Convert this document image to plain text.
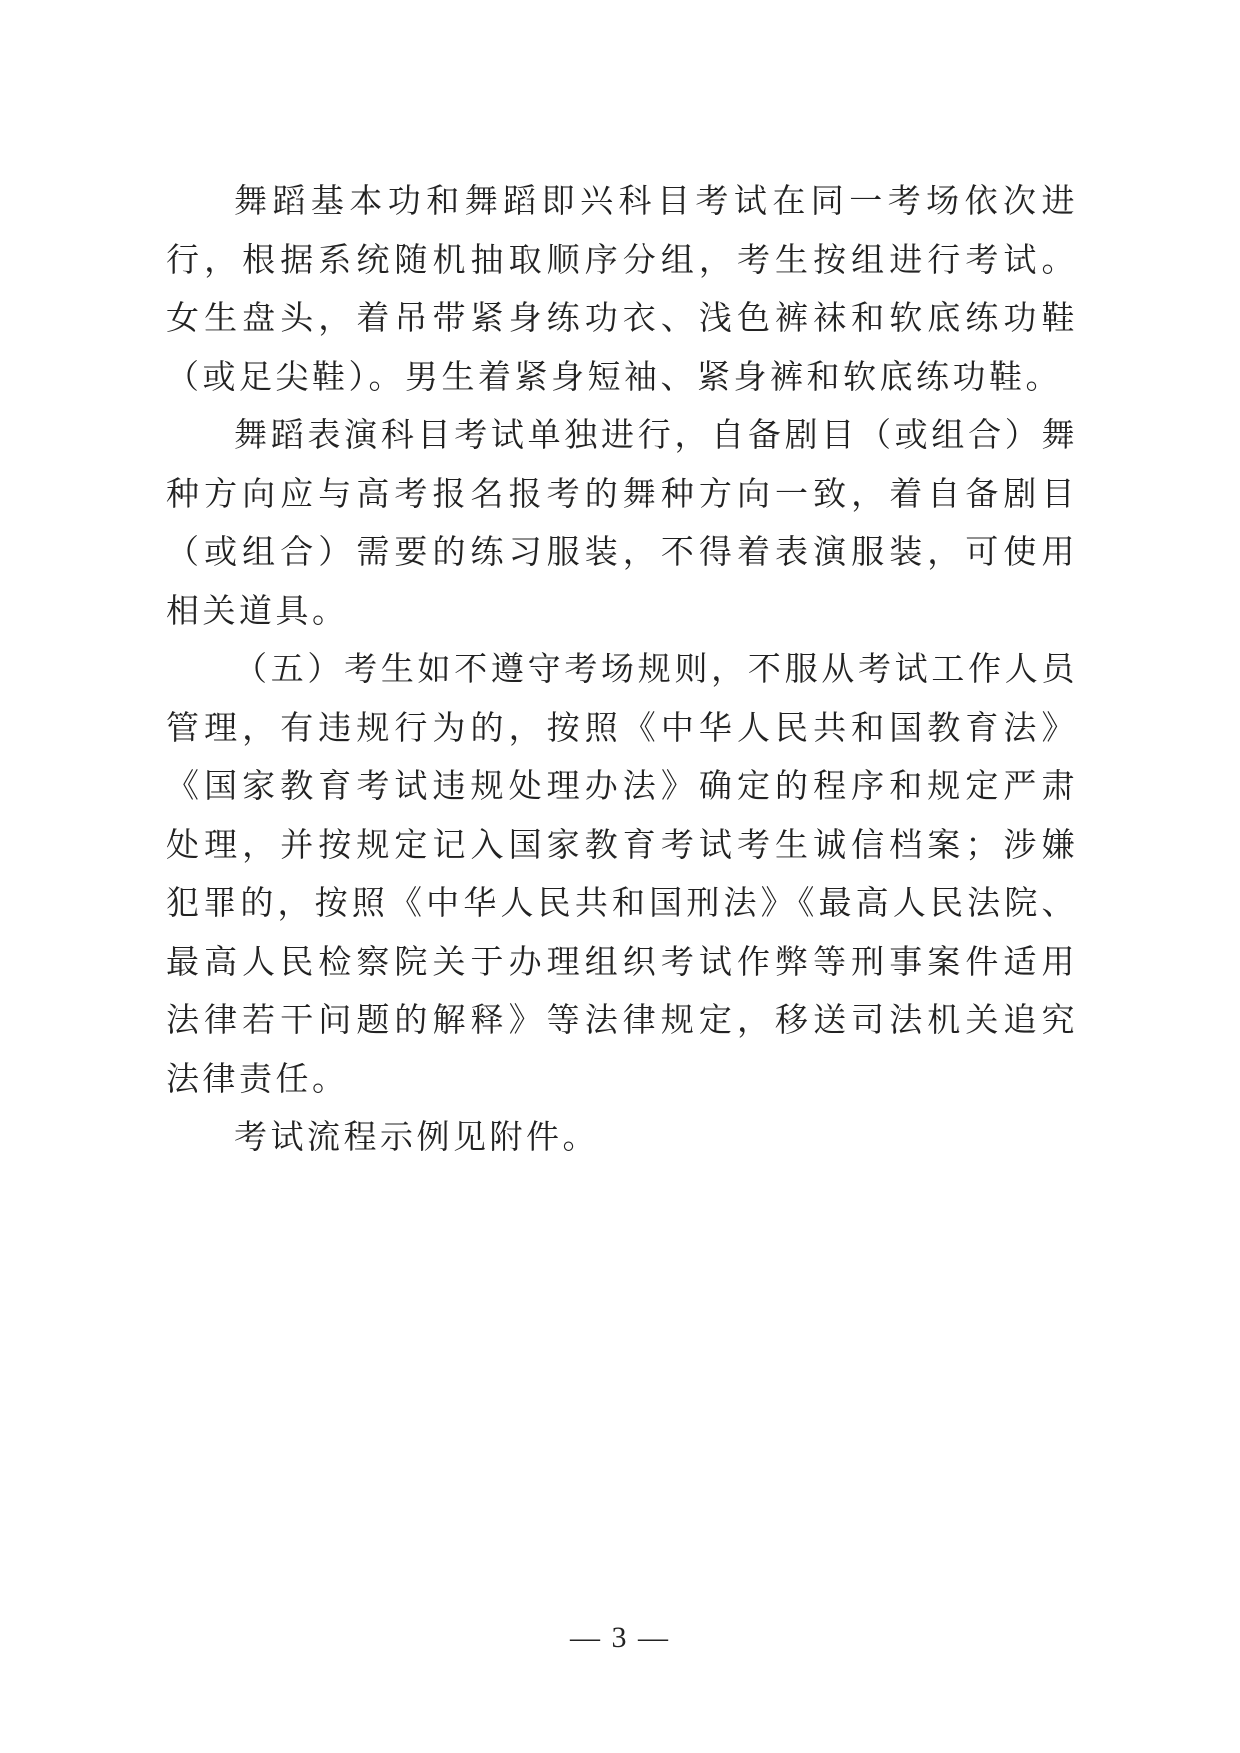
舞蹈基本功和舞蹈即兴科目考试在同一考场依次进行，根据系统随机抽取顺序分组，考生按组进行考试。女生盘头，着吊带紧身练功衣、浅色裤袜和软底练功鞋（或足尖鞋）。男生着紧身短袖、紧身裤和软底练功鞋。

舞蹈表演科目考试单独进行，自备剧目（或组合）舞种方向应与高考报名报考的舞种方向一致，着自备剧目（或组合）需要的练习服装，不得着表演服装，可使用相关道具。

（五）考生如不遵守考场规则，不服从考试工作人员管理，有违规行为的，按照《中华人民共和国教育法》《国家教育考试违规处理办法》确定的程序和规定严肃处理，并按规定记入国家教育考试考生诚信档案；涉嫌犯罪的，按照《中华人民共和国刑法》《最高人民法院、最高人民检察院关于办理组织考试作弊等刑事案件适用法律若干问题的解释》等法律规定，移送司法机关追究法律责任。

考试流程示例见附件。

— 3 —
